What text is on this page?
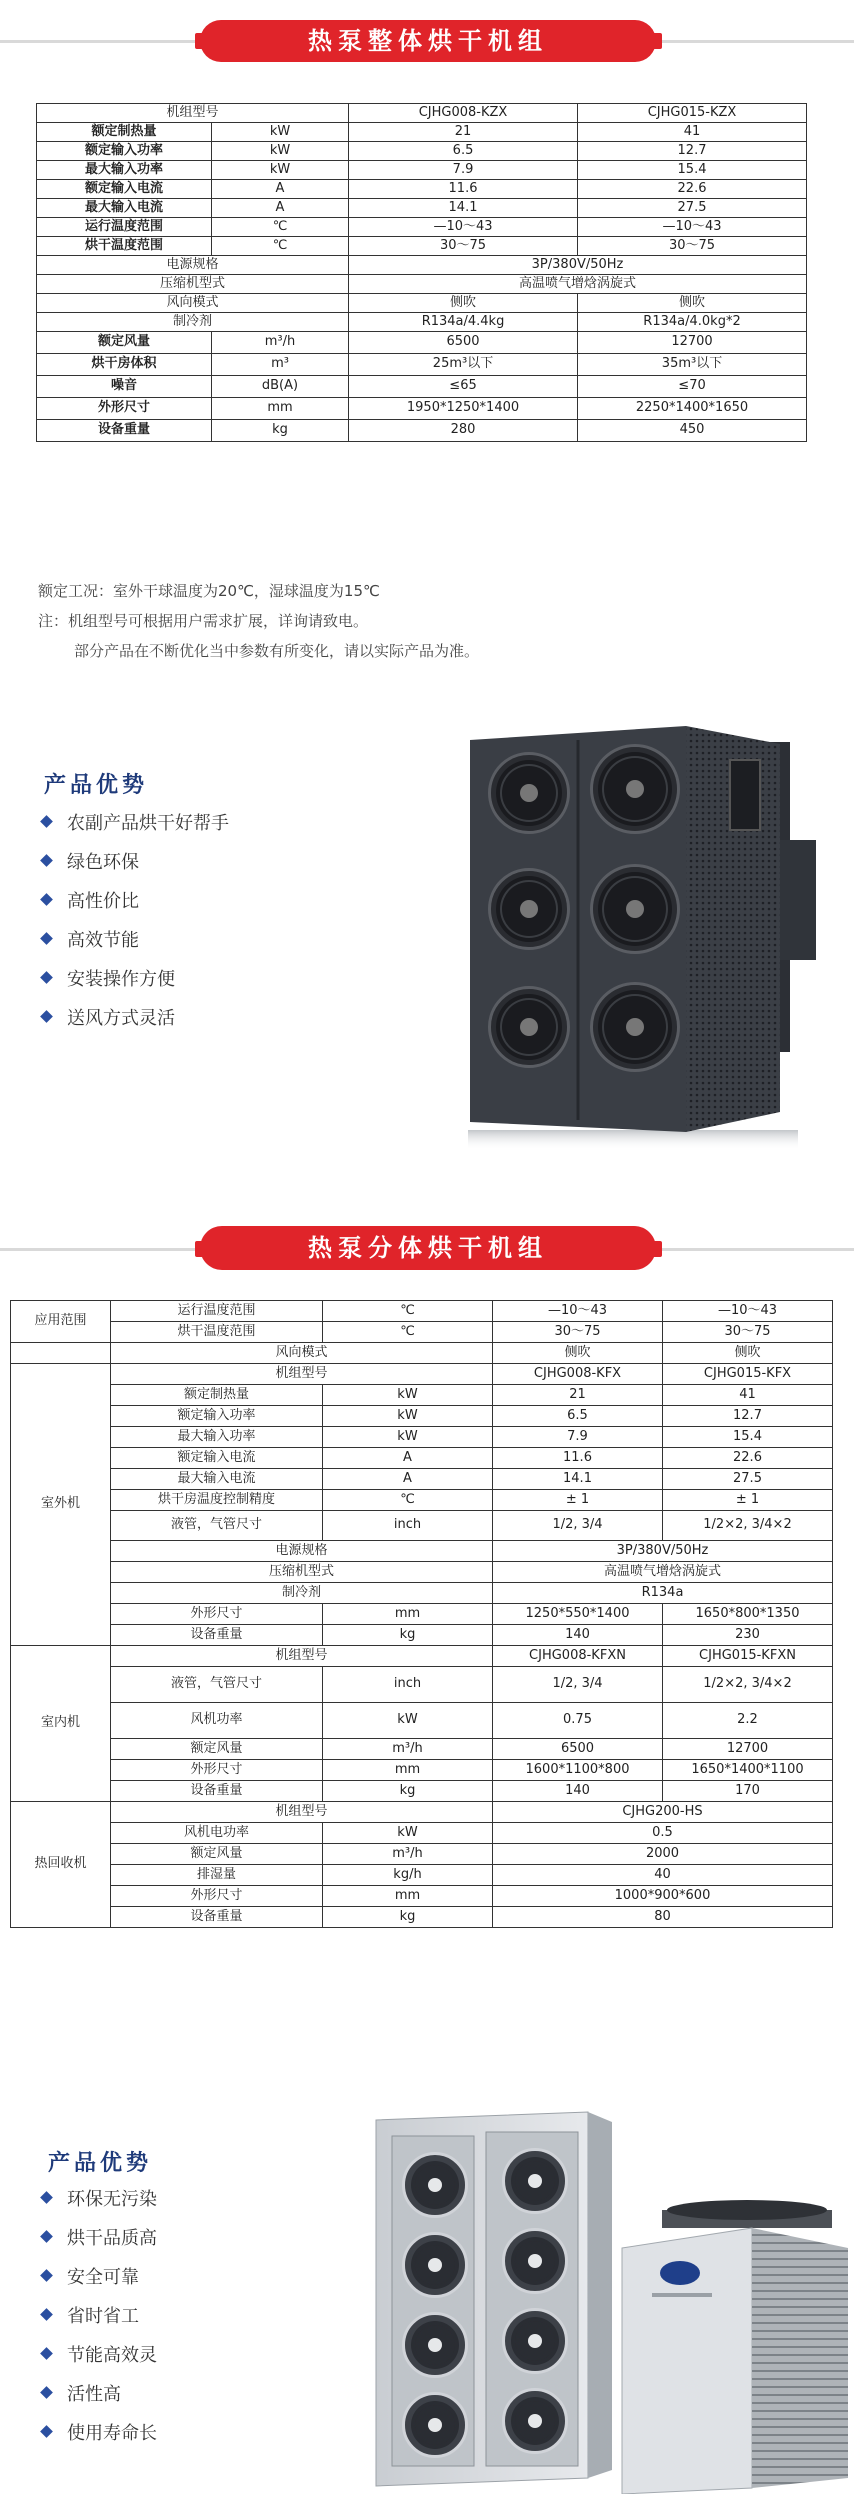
热泵整体烘干机组
机组型号		CJHG008-KZX	CJHG015-KZX
额定制热量	kW	21	41
额定输入功率	kW	6.5	12.7
最大输入功率	kW	7.9	15.4
额定输入电流	A	11.6	22.6
最大输入电流	A	14.1	27.5
运行温度范围	℃	—10～43	—10～43
烘干温度范围	℃	30～75	30～75
电源规格		3P/380V/50Hz	
压缩机型式		高温喷气增焓涡旋式	
风向模式		侧吹	侧吹
制冷剂		R134a/4.4kg	R134a/4.0kg*2
额定风量	m³/h	6500	12700
烘干房体积	m³	25m³以下	35m³以下
噪音	dB(A)	≤65	≤70
外形尺寸	mm	1950*1250*1400	2250*1400*1650
设备重量	kg	280	450
额定工况：室外干球温度为20℃，湿球温度为15℃
注：机组型号可根据用户需求扩展，详询请致电。
部分产品在不断优化当中参数有所变化，请以实际产品为准。
产品优势
农副产品烘干好帮手
绿色环保
高性价比
高效节能
安装操作方便
送风方式灵活
热泵分体烘干机组
应用范围	运行温度范围	℃	—10～43	—10～43
	烘干温度范围	℃	30～75	30～75
	风向模式		侧吹	侧吹
室外机	机组型号		CJHG008-KFX	CJHG015-KFX
	额定制热量	kW	21	41
	额定输入功率	kW	6.5	12.7
	最大输入功率	kW	7.9	15.4
	额定输入电流	A	11.6	22.6
	最大输入电流	A	14.1	27.5
	烘干房温度控制精度	℃	± 1	± 1
	液管，气管尺寸	inch	1/2, 3/4	1/2×2, 3/4×2
	电源规格		3P/380V/50Hz	
	压缩机型式		高温喷气增焓涡旋式	
	制冷剂		R134a	
	外形尺寸	mm	1250*550*1400	1650*800*1350
	设备重量	kg	140	230
室内机	机组型号		CJHG008-KFXN	CJHG015-KFXN
	液管，气管尺寸	inch	1/2, 3/4	1/2×2, 3/4×2
	风机功率	kW	0.75	2.2
	额定风量	m³/h	6500	12700
	外形尺寸	mm	1600*1100*800	1650*1400*1100
	设备重量	kg	140	170
热回收机	机组型号		CJHG200-HS	
	风机电功率	kW	0.5	
	额定风量	m³/h	2000	
	排湿量	kg/h	40	
	外形尺寸	mm	1000*900*600	
	设备重量	kg	80	
产品优势
环保无污染
烘干品质高
安全可靠
省时省工
节能高效灵
活性高
使用寿命长
